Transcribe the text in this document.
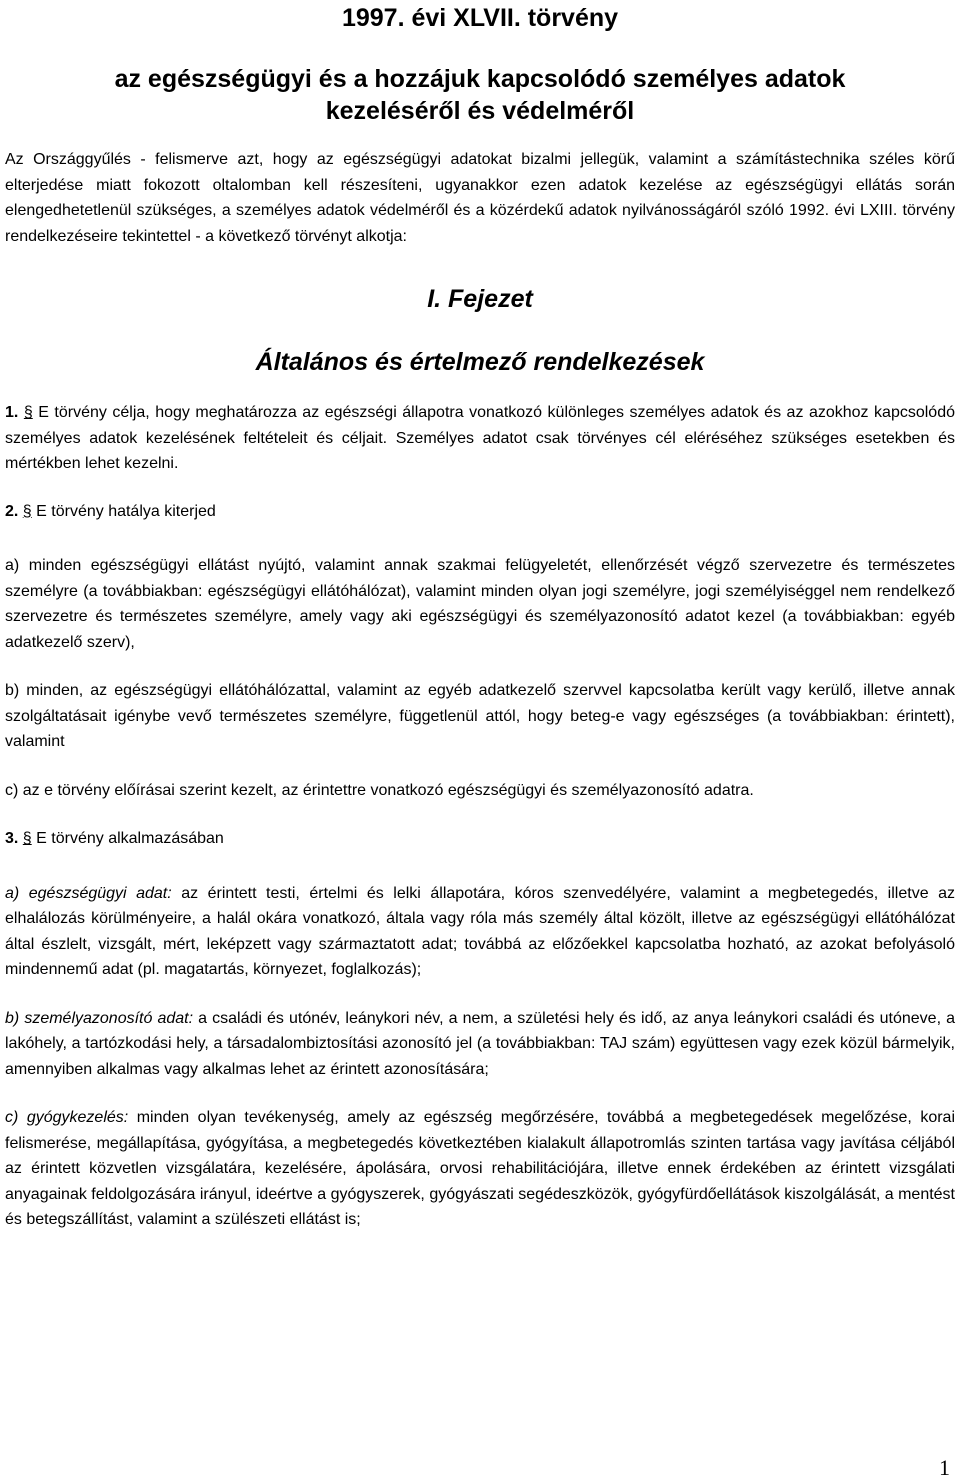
1997. évi XLVII. törvény
az egészségügyi és a hozzájuk kapcsolódó személyes adatok
kezeléséről és védelméről

Az Országgyűlés - felismerve azt, hogy az egészségügyi adatokat bizalmi jellegük, valamint a számítástechnika széles körű elterjedése miatt fokozott oltalomban kell részesíteni, ugyanakkor ezen adatok kezelése az egészségügyi ellátás során elengedhetetlenül szükséges, a személyes adatok védelméről és a közérdekű adatok nyilvánosságáról szóló 1992. évi LXIII. törvény rendelkezéseire tekintettel - a következő törvényt alkotja:

I. Fejezet
Általános és értelmező rendelkezések

1. § E törvény célja, hogy meghatározza az egészségi állapotra vonatkozó különleges személyes adatok és az azokhoz kapcsolódó személyes adatok kezelésének feltételeit és céljait. Személyes adatot csak törvényes cél eléréséhez szükséges esetekben és mértékben lehet kezelni.

2. § E törvény hatálya kiterjed

a) minden egészségügyi ellátást nyújtó, valamint annak szakmai felügyeletét, ellenőrzését végző szervezetre és természetes személyre (a továbbiakban: egészségügyi ellátóhálózat), valamint minden olyan jogi személyre, jogi személyiséggel nem rendelkező szervezetre és természetes személyre, amely vagy aki egészségügyi és személyazonosító adatot kezel (a továbbiakban: egyéb adatkezelő szerv),

b) minden, az egészségügyi ellátóhálózattal, valamint az egyéb adatkezelő szervvel kapcsolatba került vagy kerülő, illetve annak szolgáltatásait igénybe vevő természetes személyre, függetlenül attól, hogy beteg-e vagy egészséges (a továbbiakban: érintett), valamint

c) az e törvény előírásai szerint kezelt, az érintettre vonatkozó egészségügyi és személyazonosító adatra.

3. § E törvény alkalmazásában

a) egészségügyi adat: az érintett testi, értelmi és lelki állapotára, kóros szenvedélyére, valamint a megbetegedés, illetve az elhalálozás körülményeire, a halál okára vonatkozó, általa vagy róla más személy által közölt, illetve az egészségügyi ellátóhálózat által észlelt, vizsgált, mért, leképzett vagy származtatott adat; továbbá az előzőekkel kapcsolatba hozható, az azokat befolyásoló mindennemű adat (pl. magatartás, környezet, foglalkozás);

b) személyazonosító adat: a családi és utónév, leánykori név, a nem, a születési hely és idő, az anya leánykori családi és utóneve, a lakóhely, a tartózkodási hely, a társadalombiztosítási azonosító jel (a továbbiakban: TAJ szám) együttesen vagy ezek közül bármelyik, amennyiben alkalmas vagy alkalmas lehet az érintett azonosítására;

c) gyógykezelés: minden olyan tevékenység, amely az egészség megőrzésére, továbbá a megbetegedések megelőzése, korai felismerése, megállapítása, gyógyítása, a megbetegedés következtében kialakult állapotromlás szinten tartása vagy javítása céljából az érintett közvetlen vizsgálatára, kezelésére, ápolására, orvosi rehabilitációjára, illetve ennek érdekében az érintett vizsgálati anyagainak feldolgozására irányul, ideértve a gyógyszerek, gyógyászati segédeszközök, gyógyfürdőellátások kiszolgálását, a mentést és betegszállítást, valamint a szülészeti ellátást is;

1
